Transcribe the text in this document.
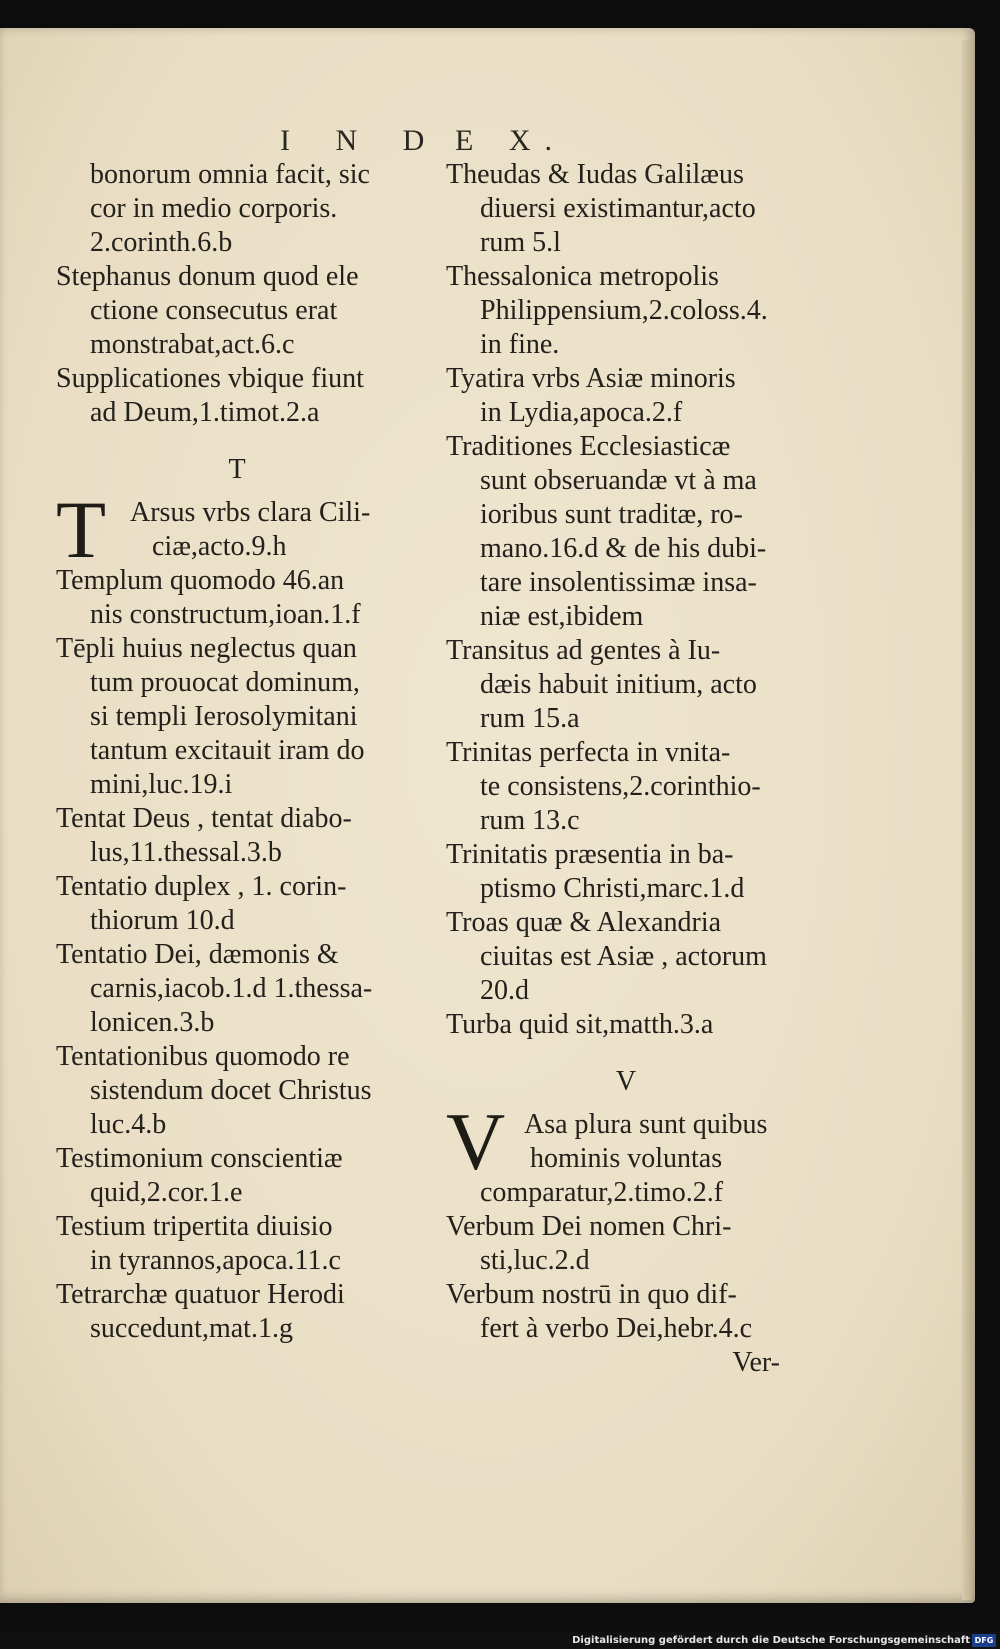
I N D E X.
bonorum omnia facit, sic
cor in medio corporis.
2.corinth.6.b
Stephanus donum quod ele
ctione consecutus erat
monstrabat,act.6.c
Supplicationes vbique fiunt
ad Deum,1.timot.2.a
T
T Arsus vrbs clara Cili-
ciæ,acto.9.h
Templum quomodo 46.an
nis constructum,ioan.1.f
Tēpli huius neglectus quan
tum prouocat dominum,
si templi Ierosolymitani
tantum excitauit iram do
mini,luc.19.i
Tentat Deus , tentat diabo-
lus,11.thessal.3.b
Tentatio duplex , 1. corin-
thiorum 10.d
Tentatio Dei, dæmonis &
carnis,iacob.1.d 1.thessa-
lonicen.3.b
Tentationibus quomodo re
sistendum docet Christus
luc.4.b
Testimonium conscientiæ
quid,2.cor.1.e
Testium tripertita diuisio
in tyrannos,apoca.11.c
Tetrarchæ quatuor Herodi
succedunt,mat.1.g
Theudas & Iudas Galilæus
diuersi existimantur,acto
rum 5.l
Thessalonica metropolis
Philippensium,2.coloss.4.
in fine.
Tyatira vrbs Asiæ minoris
in Lydia,apoca.2.f
Traditiones Ecclesiasticæ
sunt obseruandæ vt à ma
ioribus sunt traditæ, ro-
mano.16.d & de his dubi-
tare insolentissimæ insa-
niæ est,ibidem
Transitus ad gentes à Iu-
dæis habuit initium, acto
rum 15.a
Trinitas perfecta in vnita-
te consistens,2.corinthio-
rum 13.c
Trinitatis præsentia in ba-
ptismo Christi,marc.1.d
Troas quæ & Alexandria
ciuitas est Asiæ , actorum
20.d
Turba quid sit,matth.3.a
V
V Asa plura sunt quibus
hominis voluntas
comparatur,2.timo.2.f
Verbum Dei nomen Chri-
sti,luc.2.d
Verbum nostrū in quo dif-
fert à verbo Dei,hebr.4.c
Ver-
Digitalisierung gefördert durch die Deutsche Forschungsgemeinschaft DFG
